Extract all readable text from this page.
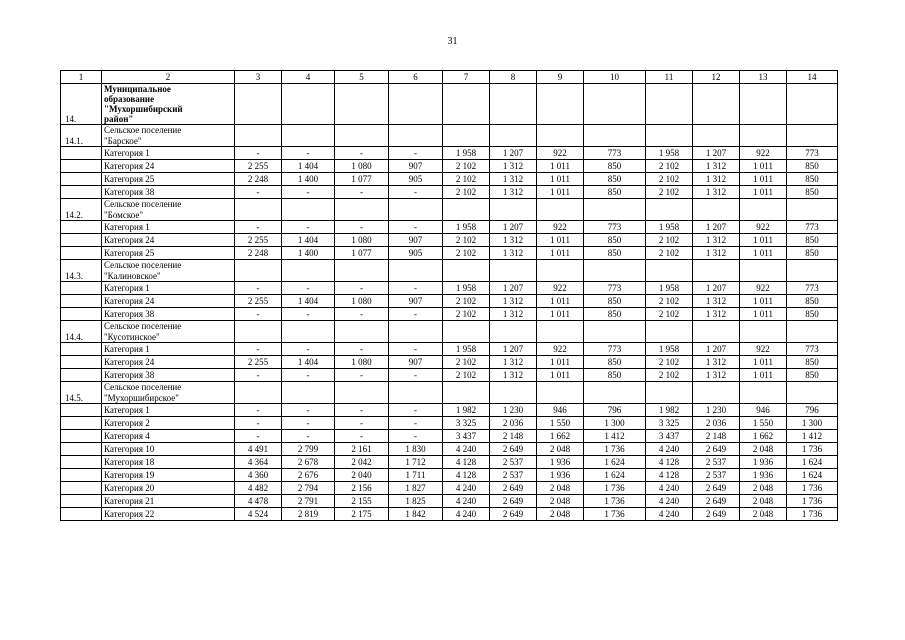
31
1	2	3	4	5	6	7	8	9	10	11	12	13	14
14.	Муниципальное
образование
"Мухоршибирский
район"												

14.1.	Сельское поселение
"Барское"												

	Категория 1	-	-	-	-	1 958	1 207	922	773	1 958	1 207	922	773
	Категория 24	2 255	1 404	1 080	907	2 102	1 312	1 011	850	2 102	1 312	1 011	850
	Категория 25	2 248	1 400	1 077	905	2 102	1 312	1 011	850	2 102	1 312	1 011	850
	Категория 38	-	-	-	-	2 102	1 312	1 011	850	2 102	1 312	1 011	850
14.2.	Сельское поселение
"Бомское"												

	Категория 1	-	-	-	-	1 958	1 207	922	773	1 958	1 207	922	773
	Категория 24	2 255	1 404	1 080	907	2 102	1 312	1 011	850	2 102	1 312	1 011	850
	Категория 25	2 248	1 400	1 077	905	2 102	1 312	1 011	850	2 102	1 312	1 011	850
14.3.	Сельское поселение
"Калиновское"												

	Категория 1	-	-	-	-	1 958	1 207	922	773	1 958	1 207	922	773
	Категория 24	2 255	1 404	1 080	907	2 102	1 312	1 011	850	2 102	1 312	1 011	850
	Категория 38	-	-	-	-	2 102	1 312	1 011	850	2 102	1 312	1 011	850
14.4.	Сельское поселение
"Кусотинское"												

	Категория 1	-	-	-	-	1 958	1 207	922	773	1 958	1 207	922	773
	Категория 24	2 255	1 404	1 080	907	2 102	1 312	1 011	850	2 102	1 312	1 011	850
	Категория 38	-	-	-	-	2 102	1 312	1 011	850	2 102	1 312	1 011	850
14.5.	Сельское поселение
"Мухоршибирское"												

	Категория 1	-	-	-	-	1 982	1 230	946	796	1 982	1 230	946	796
	Категория 2	-	-	-	-	3 325	2 036	1 550	1 300	3 325	2 036	1 550	1 300
	Категория 4	-	-	-	-	3 437	2 148	1 662	1 412	3 437	2 148	1 662	1 412
	Категория 10	4 491	2 799	2 161	1 830	4 240	2 649	2 048	1 736	4 240	2 649	2 048	1 736
	Категория 18	4 364	2 678	2 042	1 712	4 128	2 537	1 936	1 624	4 128	2 537	1 936	1 624
	Категория 19	4 360	2 676	2 040	1 711	4 128	2 537	1 936	1 624	4 128	2 537	1 936	1 624
	Категория 20	4 482	2 794	2 156	1 827	4 240	2 649	2 048	1 736	4 240	2 649	2 048	1 736
	Категория 21	4 478	2 791	2 155	1 825	4 240	2 649	2 048	1 736	4 240	2 649	2 048	1 736
	Категория 22	4 524	2 819	2 175	1 842	4 240	2 649	2 048	1 736	4 240	2 649	2 048	1 736
